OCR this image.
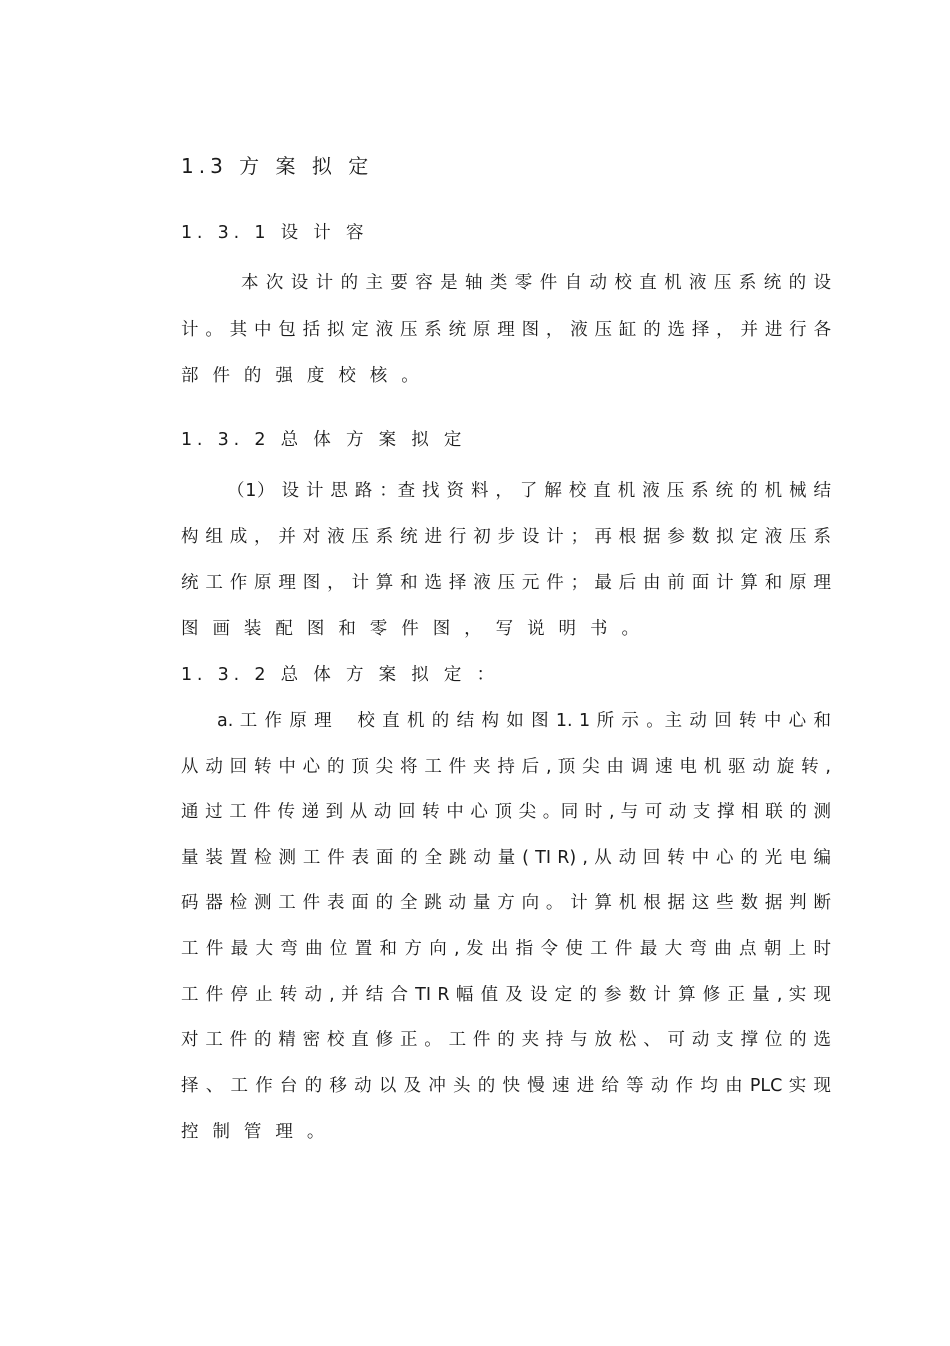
1.3 方 案 拟 定
1. 3. 1 设 计 容
本 次 设 计 的 主 要 容 是 轴 类 零 件 自 动 校 直 机 液 压 系 统 的 设
计 。 其 中 包 括 拟 定 液 压 系 统 原 理 图 ， 液 压 缸 的 选 择 ， 并 进 行 各
部 件 的 强 度 校 核 。
1. 3. 2 总 体 方 案 拟 定
（1） 设 计 思 路 ：查 找 资 料 ， 了 解 校 直 机 液 压 系 统 的 机 械 结
构 组 成 ， 并 对 液 压 系 统 进 行 初 步 设 计 ； 再 根 据 参 数 拟 定 液 压 系
统 工 作 原 理 图 ， 计 算 和 选 择 液 压 元 件 ； 最 后 由 前 面 计 算 和 原 理
图 画 装 配 图 和 零 件 图 ， 写 说 明 书 。
1. 3. 2 总 体 方 案 拟 定 ：
a. 工 作 原 理　 校 直 机 的 结 构 如 图 1. 1 所 示 。主 动 回 转 中 心 和
从 动 回 转 中 心 的 顶 尖 将 工 件 夹 持 后 , 顶 尖 由 调 速 电 机 驱 动 旋 转 ,
通 过 工 件 传 递 到 从 动 回 转 中 心 顶 尖 。同 时 , 与 可 动 支 撑 相 联 的 测
量 装 置 检 测 工 件 表 面 的 全 跳 动 量 ( TI R) , 从 动 回 转 中 心 的 光 电 编
码 器 检 测 工 件 表 面 的 全 跳 动 量 方 向 。 计 算 机 根 据 这 些 数 据 判 断
工 件 最 大 弯 曲 位 置 和 方 向 , 发 出 指 令 使 工 件 最 大 弯 曲 点 朝 上 时
工 件 停 止 转 动 , 并 结 合 TI R 幅 值 及 设 定 的 参 数 计 算 修 正 量 , 实 现
对 工 件 的 精 密 校 直 修 正 。 工 件 的 夹 持 与 放 松 、 可 动 支 撑 位 的 选
择 、 工 作 台 的 移 动 以 及 冲 头 的 快 慢 速 进 给 等 动 作 均 由 PLC 实 现
控 制 管 理 。
